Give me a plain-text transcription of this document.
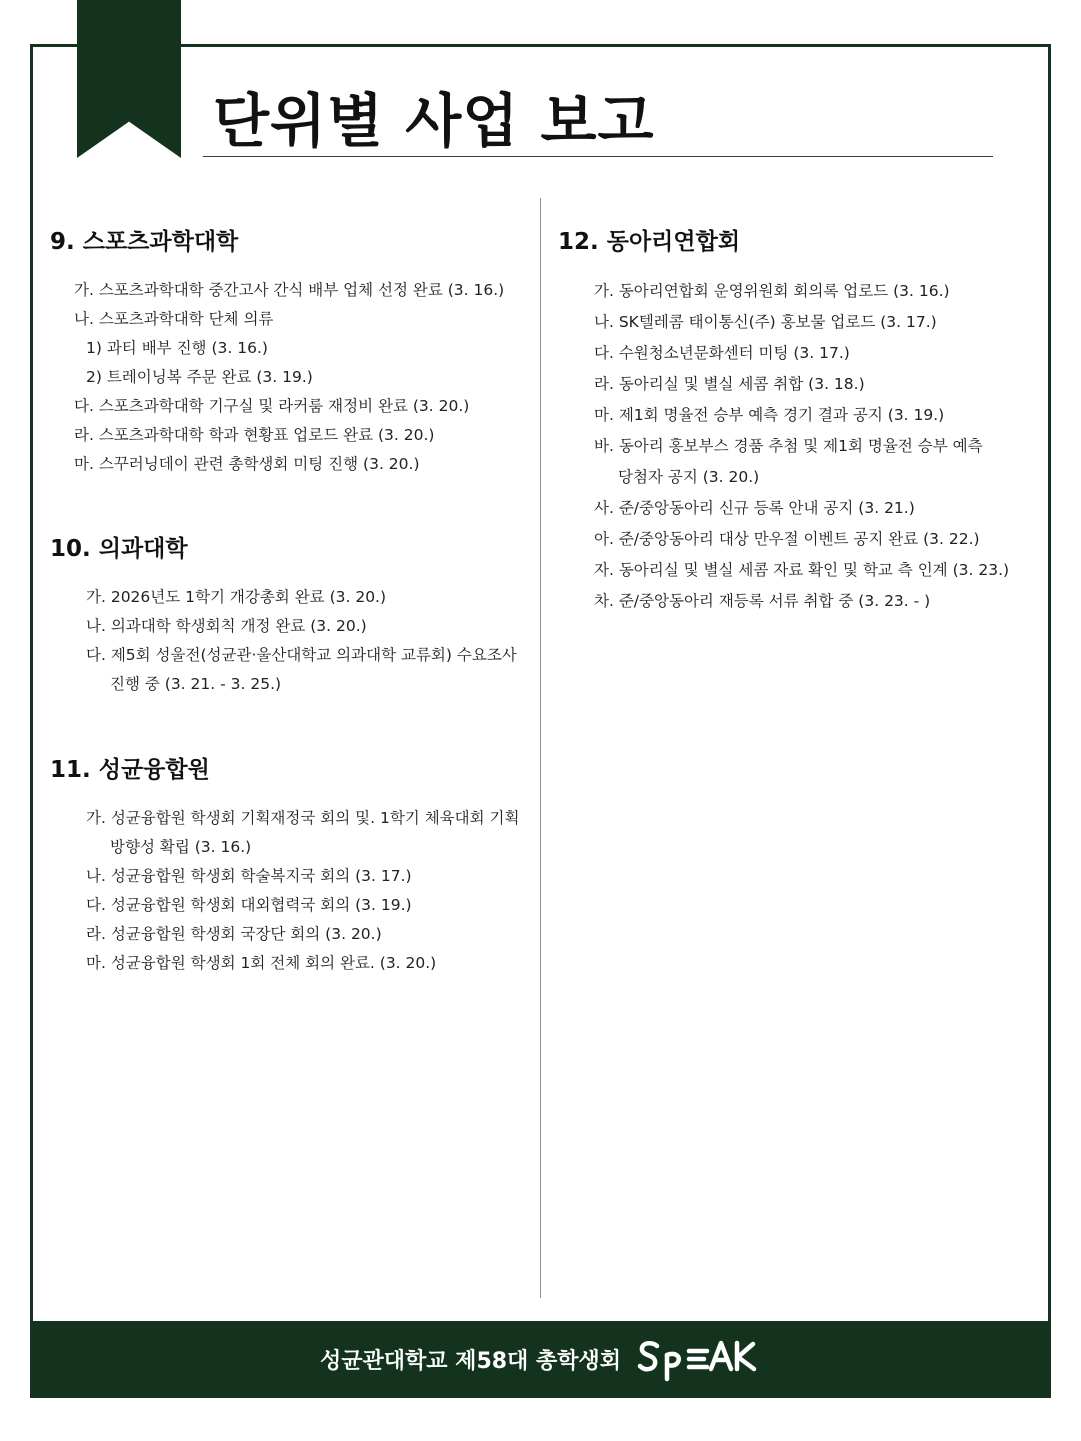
단위별 사업 보고
9. 스포츠과학대학
가. 스포츠과학대학 중간고사 간식 배부 업체 선정 완료 (3. 16.)
나. 스포츠과학대학 단체 의류
1) 과티 배부 진행 (3. 16.)
2) 트레이닝복 주문 완료 (3. 19.)
다. 스포츠과학대학 기구실 및 라커룸 재정비 완료 (3. 20.)
라. 스포츠과학대학 학과 현황표 업로드 완료 (3. 20.)
마. 스꾸러닝데이 관련 총학생회 미팅 진행 (3. 20.)
10. 의과대학
가. 2026년도 1학기 개강총회 완료 (3. 20.)
나. 의과대학 학생회칙 개정 완료 (3. 20.)
다. 제5회 성울전(성균관·울산대학교 의과대학 교류회) 수요조사
진행 중 (3. 21. - 3. 25.)
11. 성균융합원
가. 성균융합원 학생회 기획재정국 회의 및. 1학기 체육대회 기획
방향성 확립 (3. 16.)
나. 성균융합원 학생회 학술복지국 회의 (3. 17.)
다. 성균융합원 학생회 대외협력국 회의 (3. 19.)
라. 성균융합원 학생회 국장단 회의 (3. 20.)
마. 성균융합원 학생회 1회 전체 회의 완료. (3. 20.)
12. 동아리연합회
가. 동아리연합회 운영위원회 회의록 업로드 (3. 16.)
나. SK텔레콤 태이통신(주) 홍보물 업로드 (3. 17.)
다. 수원청소년문화센터 미팅 (3. 17.)
라. 동아리실 및 별실 세콤 취합 (3. 18.)
마. 제1회 명율전 승부 예측 경기 결과 공지 (3. 19.)
바. 동아리 홍보부스 경품 추첨 및 제1회 명율전 승부 예측
당첨자 공지 (3. 20.)
사. 준/중앙동아리 신규 등록 안내 공지 (3. 21.)
아. 준/중앙동아리 대상 만우절 이벤트 공지 완료 (3. 22.)
자. 동아리실 및 별실 세콤 자료 확인 및 학교 측 인계 (3. 23.)
차. 준/중앙동아리 재등록 서류 취합 중 (3. 23. - )
성균관대학교 제58대 총학생회
